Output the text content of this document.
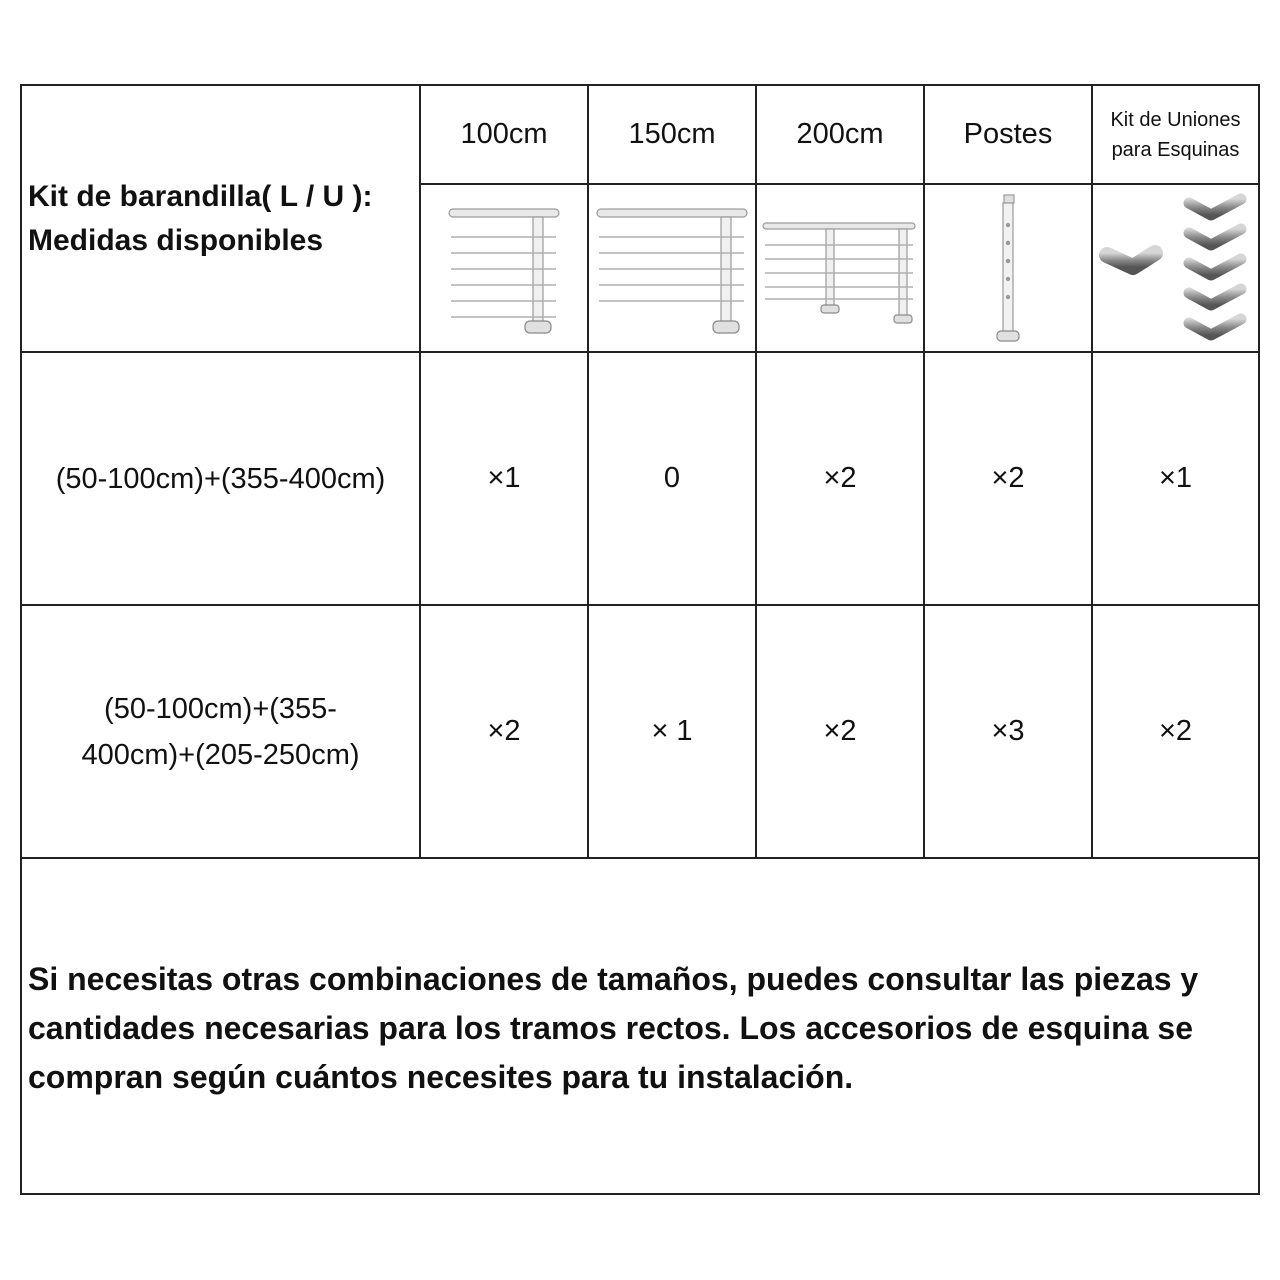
Kit de barandilla( L / U ):
Medidas disponibles
100cm	150cm	200cm	Postes	Kit de Uniones
para Esquinas
(50-100cm)+(355-400cm)	×1	0	×2	×2	×1
(50-100cm)+(355-
400cm)+(205-250cm)
×2	× 1	×2	×3	×2
Si necesitas otras combinaciones de tamaños, puedes consultar las piezas y
cantidades necesarias para los tramos rectos. Los accesorios de esquina se
compran según cuántos necesites para tu instalación.
